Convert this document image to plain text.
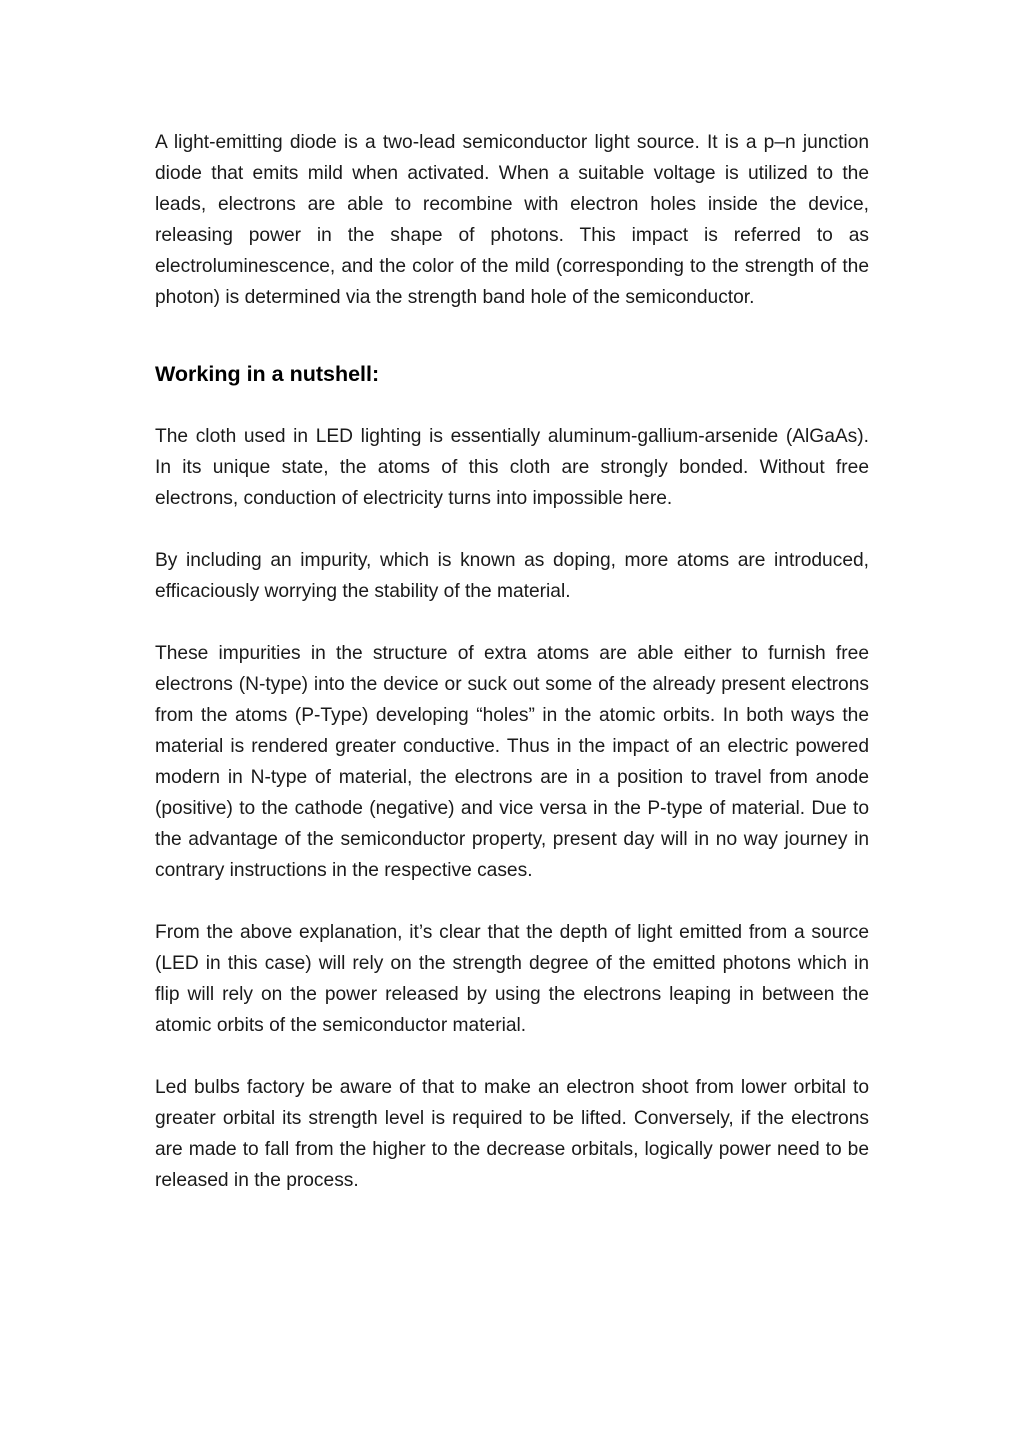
A light-emitting diode is a two-lead semiconductor light source. It is a p–n junction diode that emits mild when activated. When a suitable voltage is utilized to the leads, electrons are able to recombine with electron holes inside the device, releasing power in the shape of photons. This impact is referred to as electroluminescence, and the color of the mild (corresponding to the strength of the photon) is determined via the strength band hole of the semiconductor.

Working in a nutshell:

The cloth used in LED lighting is essentially aluminum-gallium-arsenide (AlGaAs). In its unique state, the atoms of this cloth are strongly bonded. Without free electrons, conduction of electricity turns into impossible here.

By including an impurity, which is known as doping, more atoms are introduced, efficaciously worrying the stability of the material.

These impurities in the structure of extra atoms are able either to furnish free electrons (N-type) into the device or suck out some of the already present electrons from the atoms (P-Type) developing “holes” in the atomic orbits. In both ways the material is rendered greater conductive. Thus in the impact of an electric powered modern in N-type of material, the electrons are in a position to travel from anode (positive) to the cathode (negative) and vice versa in the P-type of material. Due to the advantage of the semiconductor property, present day will in no way journey in contrary instructions in the respective cases.

From the above explanation, it’s clear that the depth of light emitted from a source (LED in this case) will rely on the strength degree of the emitted photons which in flip will rely on the power released by using the electrons leaping in between the atomic orbits of the semiconductor material.

Led bulbs factory be aware of that to make an electron shoot from lower orbital to greater orbital its strength level is required to be lifted. Conversely, if the electrons are made to fall from the higher to the decrease orbitals, logically power need to be released in the process.
